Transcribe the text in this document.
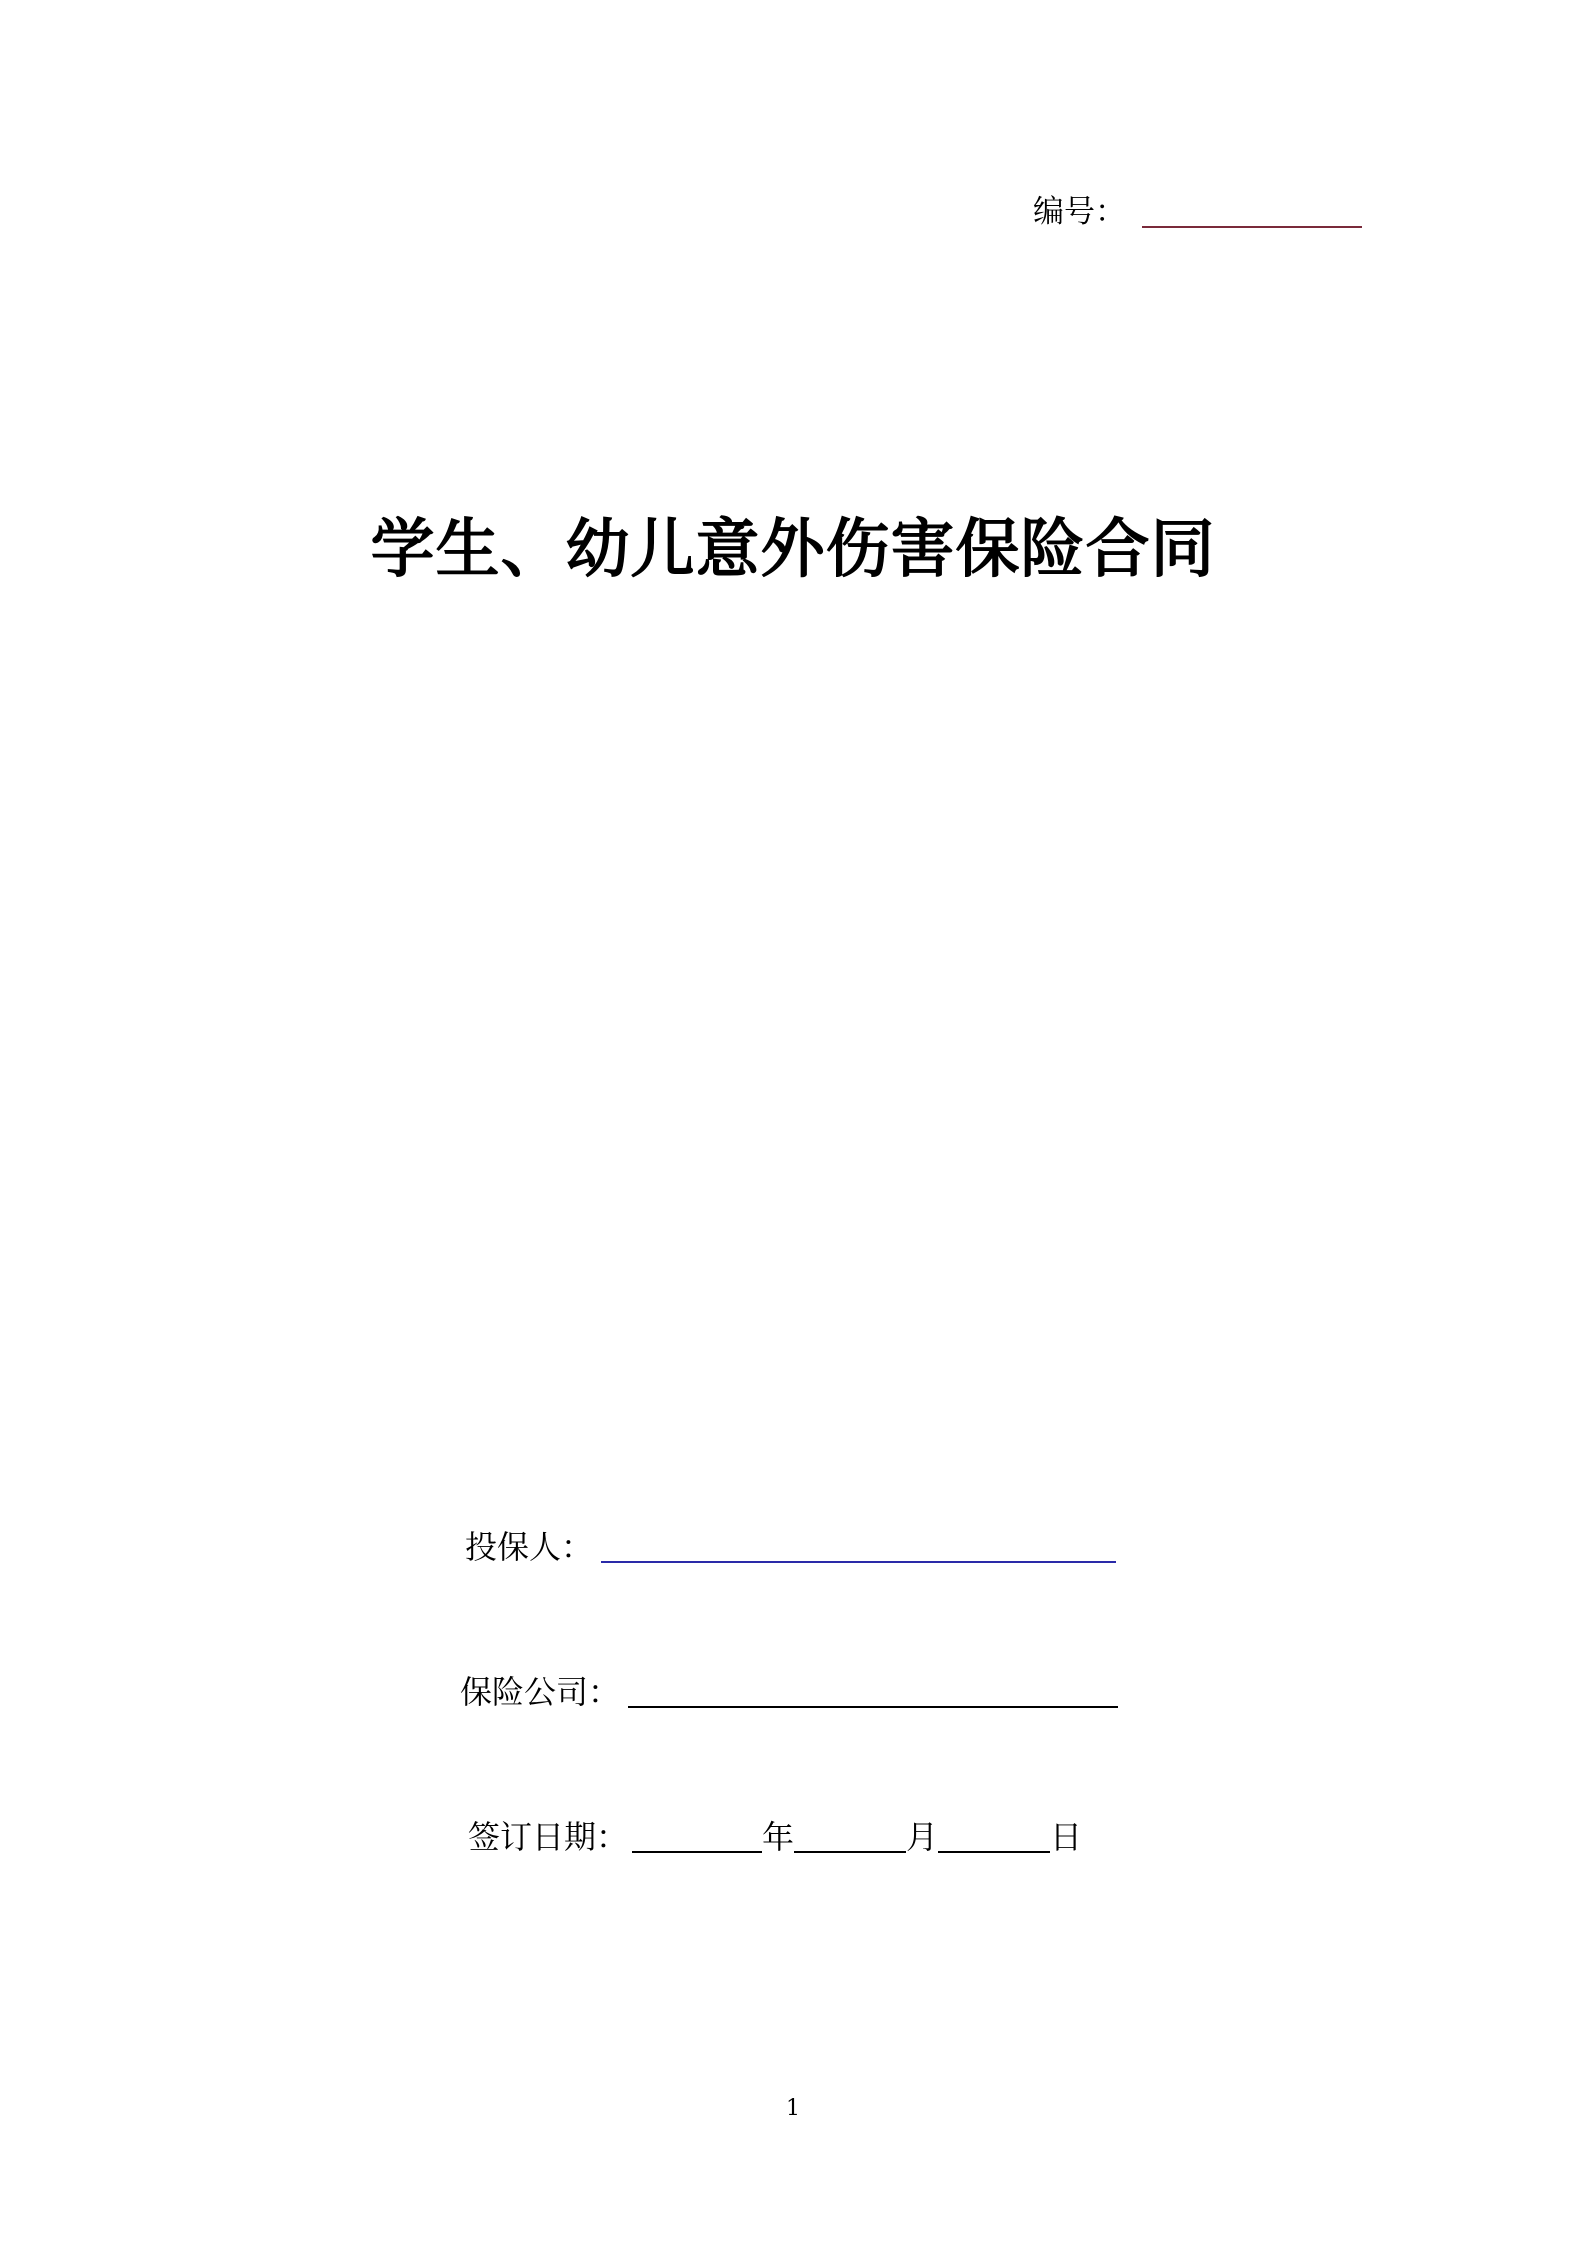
编号：
学生、幼儿意外伤害保险合同
投保人：
保险公司：
签订日期：	年	月	日
1
